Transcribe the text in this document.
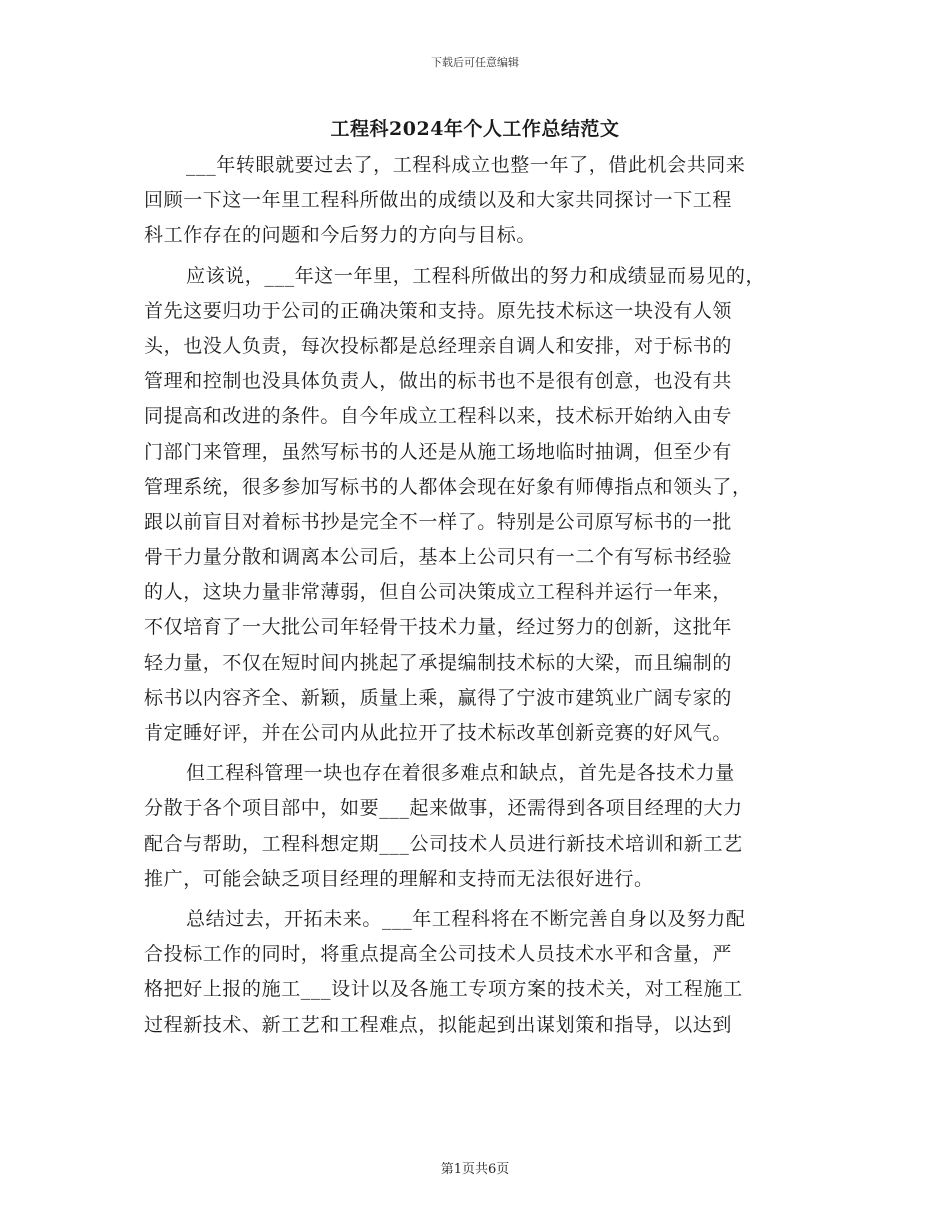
下载后可任意编辑
工程科2024年个人工作总结范文
___年转眼就要过去了，工程科成立也整一年了，借此机会共同来
回顾一下这一年里工程科所做出的成绩以及和大家共同探讨一下工程
科工作存在的问题和今后努力的方向与目标。
应该说，___年这一年里，工程科所做出的努力和成绩显而易见的，
首先这要归功于公司的正确决策和支持。原先技术标这一块没有人领
头，也没人负责，每次投标都是总经理亲自调人和安排，对于标书的
管理和控制也没具体负责人，做出的标书也不是很有创意，也没有共
同提高和改进的条件。自今年成立工程科以来，技术标开始纳入由专
门部门来管理，虽然写标书的人还是从施工场地临时抽调，但至少有
管理系统，很多参加写标书的人都体会现在好象有师傅指点和领头了，
跟以前盲目对着标书抄是完全不一样了。特别是公司原写标书的一批
骨干力量分散和调离本公司后，基本上公司只有一二个有写标书经验
的人，这块力量非常薄弱，但自公司决策成立工程科并运行一年来，
不仅培育了一大批公司年轻骨干技术力量，经过努力的创新，这批年
轻力量，不仅在短时间内挑起了承提编制技术标的大梁，而且编制的
标书以内容齐全、新颖，质量上乘，赢得了宁波市建筑业广阔专家的
肯定睡好评，并在公司内从此拉开了技术标改革创新竞赛的好风气。
但工程科管理一块也存在着很多难点和缺点，首先是各技术力量
分散于各个项目部中，如要___起来做事，还需得到各项目经理的大力
配合与帮助，工程科想定期___公司技术人员进行新技术培训和新工艺
推广，可能会缺乏项目经理的理解和支持而无法很好进行。
总结过去，开拓未来。___年工程科将在不断完善自身以及努力配
合投标工作的同时，将重点提高全公司技术人员技术水平和含量，严
格把好上报的施工___设计以及各施工专项方案的技术关，对工程施工
过程新技术、新工艺和工程难点，拟能起到出谋划策和指导，以达到
第1页共6页
